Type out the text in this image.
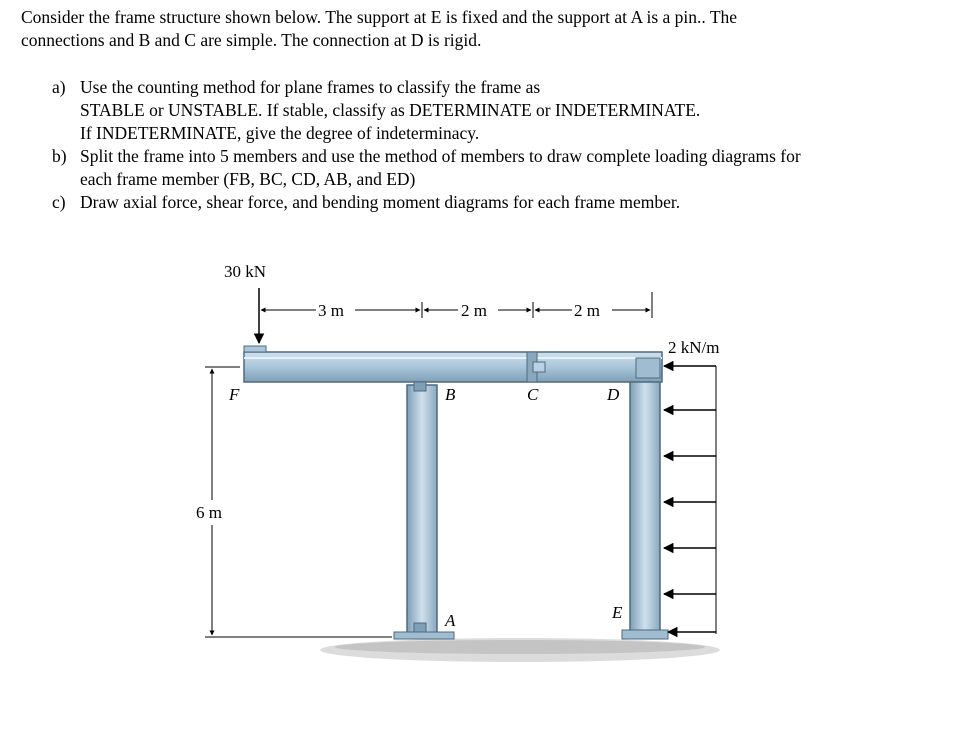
Consider the frame structure shown below. The support at E is fixed and the support at A is a pin.. The
connections and B and C are simple. The connection at D is rigid.
a) Use the counting method for plane frames to classify the frame as
STABLE or UNSTABLE. If stable, classify as DETERMINATE or INDETERMINATE.
If INDETERMINATE, give the degree of indeterminacy.
b) Split the frame into 5 members and use the method of members to draw complete loading diagrams for
each frame member (FB, BC, CD, AB, and ED)
c) Draw axial force, shear force, and bending moment diagrams for each frame member.
30 kN
3 m	2 m	2 m
6 m
2 kN/m
F	B	C	D
A	E
